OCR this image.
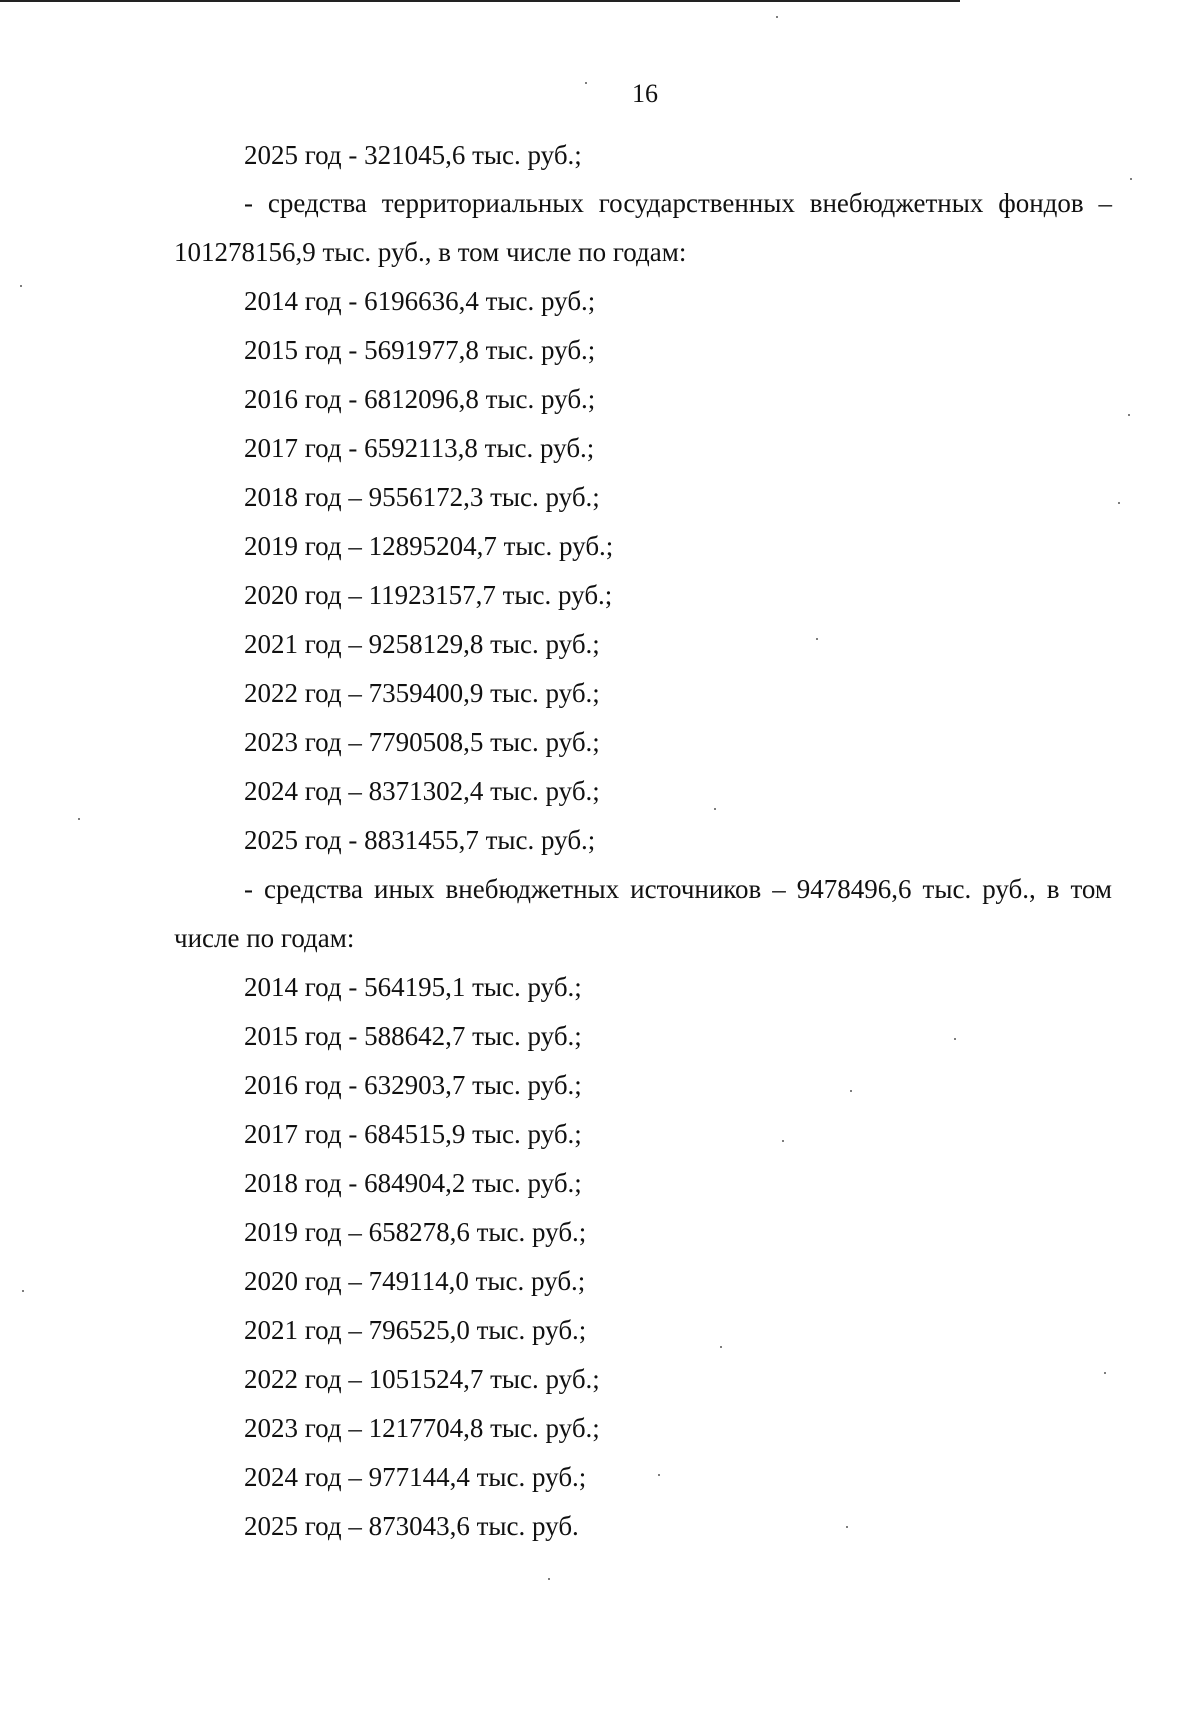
16
2025 год - 321045,6 тыс. руб.;
- средства территориальных государственных внебюджетных фондов –
101278156,9 тыс. руб., в том числе по годам:
2014 год - 6196636,4 тыс. руб.;
2015 год - 5691977,8 тыс. руб.;
2016 год - 6812096,8 тыс. руб.;
2017 год - 6592113,8 тыс. руб.;
2018 год – 9556172,3 тыс. руб.;
2019 год – 12895204,7 тыс. руб.;
2020 год – 11923157,7 тыс. руб.;
2021 год – 9258129,8 тыс. руб.;
2022 год – 7359400,9 тыс. руб.;
2023 год – 7790508,5 тыс. руб.;
2024 год – 8371302,4 тыс. руб.;
2025 год - 8831455,7 тыс. руб.;
- средства иных внебюджетных источников – 9478496,6 тыс. руб., в том
числе по годам:
2014 год - 564195,1 тыс. руб.;
2015 год - 588642,7 тыс. руб.;
2016 год - 632903,7 тыс. руб.;
2017 год - 684515,9 тыс. руб.;
2018 год - 684904,2 тыс. руб.;
2019 год – 658278,6 тыс. руб.;
2020 год – 749114,0 тыс. руб.;
2021 год – 796525,0 тыс. руб.;
2022 год – 1051524,7 тыс. руб.;
2023 год – 1217704,8 тыс. руб.;
2024 год – 977144,4 тыс. руб.;
2025 год – 873043,6 тыс. руб.
